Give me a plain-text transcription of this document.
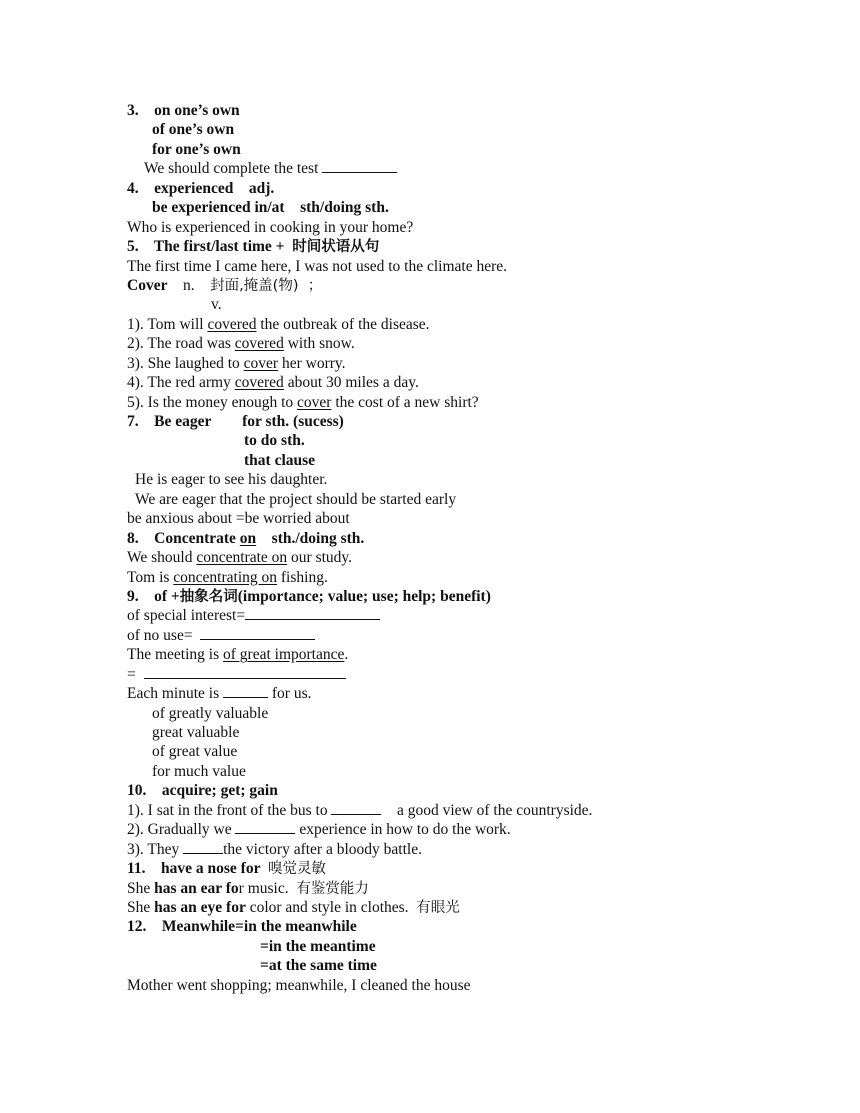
3.    on one’s own
of one’s own
for one’s own
We should complete the test
4.    experienced    adj.
be experienced in/at    sth/doing sth.
Who is experienced in cooking in your home?
5.    The first/last time +  时间状语从句
The first time I came here, I was not used to the climate here.
Cover    n.    封面,掩盖(物)  ；
v.
1). Tom will covered the outbreak of the disease.
2). The road was covered with snow.
3). She laughed to cover her worry.
4). The red army covered about 30 miles a day.
5). Is the money enough to cover the cost of a new shirt?
7.    Be eager        for sth. (sucess)
to do sth.
that clause
He is eager to see his daughter.
We are eager that the project should be started early
be anxious about =be worried about
8.    Concentrate on    sth./doing sth.
We should concentrate on our study.
Tom is concentrating on fishing.
9.    of +抽象名词(importance; value; use; help; benefit)
of special interest=
of no use=
The meeting is of great importance.
=
Each minute is	for us.
of greatly valuable
great valuable
of great value
for much value
10.    acquire; get; gain
1). I sat in the front of the bus to	a good view of the countryside.
2). Gradually we	experience in how to do the work.
3). They	the victory after a bloody battle.
11.    have a nose for  嗅觉灵敏
She has an ear for music.  有鉴赏能力
She has an eye for color and style in clothes.  有眼光
12.    Meanwhile=in the meanwhile
=in the meantime
=at the same time
Mother went shopping; meanwhile, I cleaned the house
